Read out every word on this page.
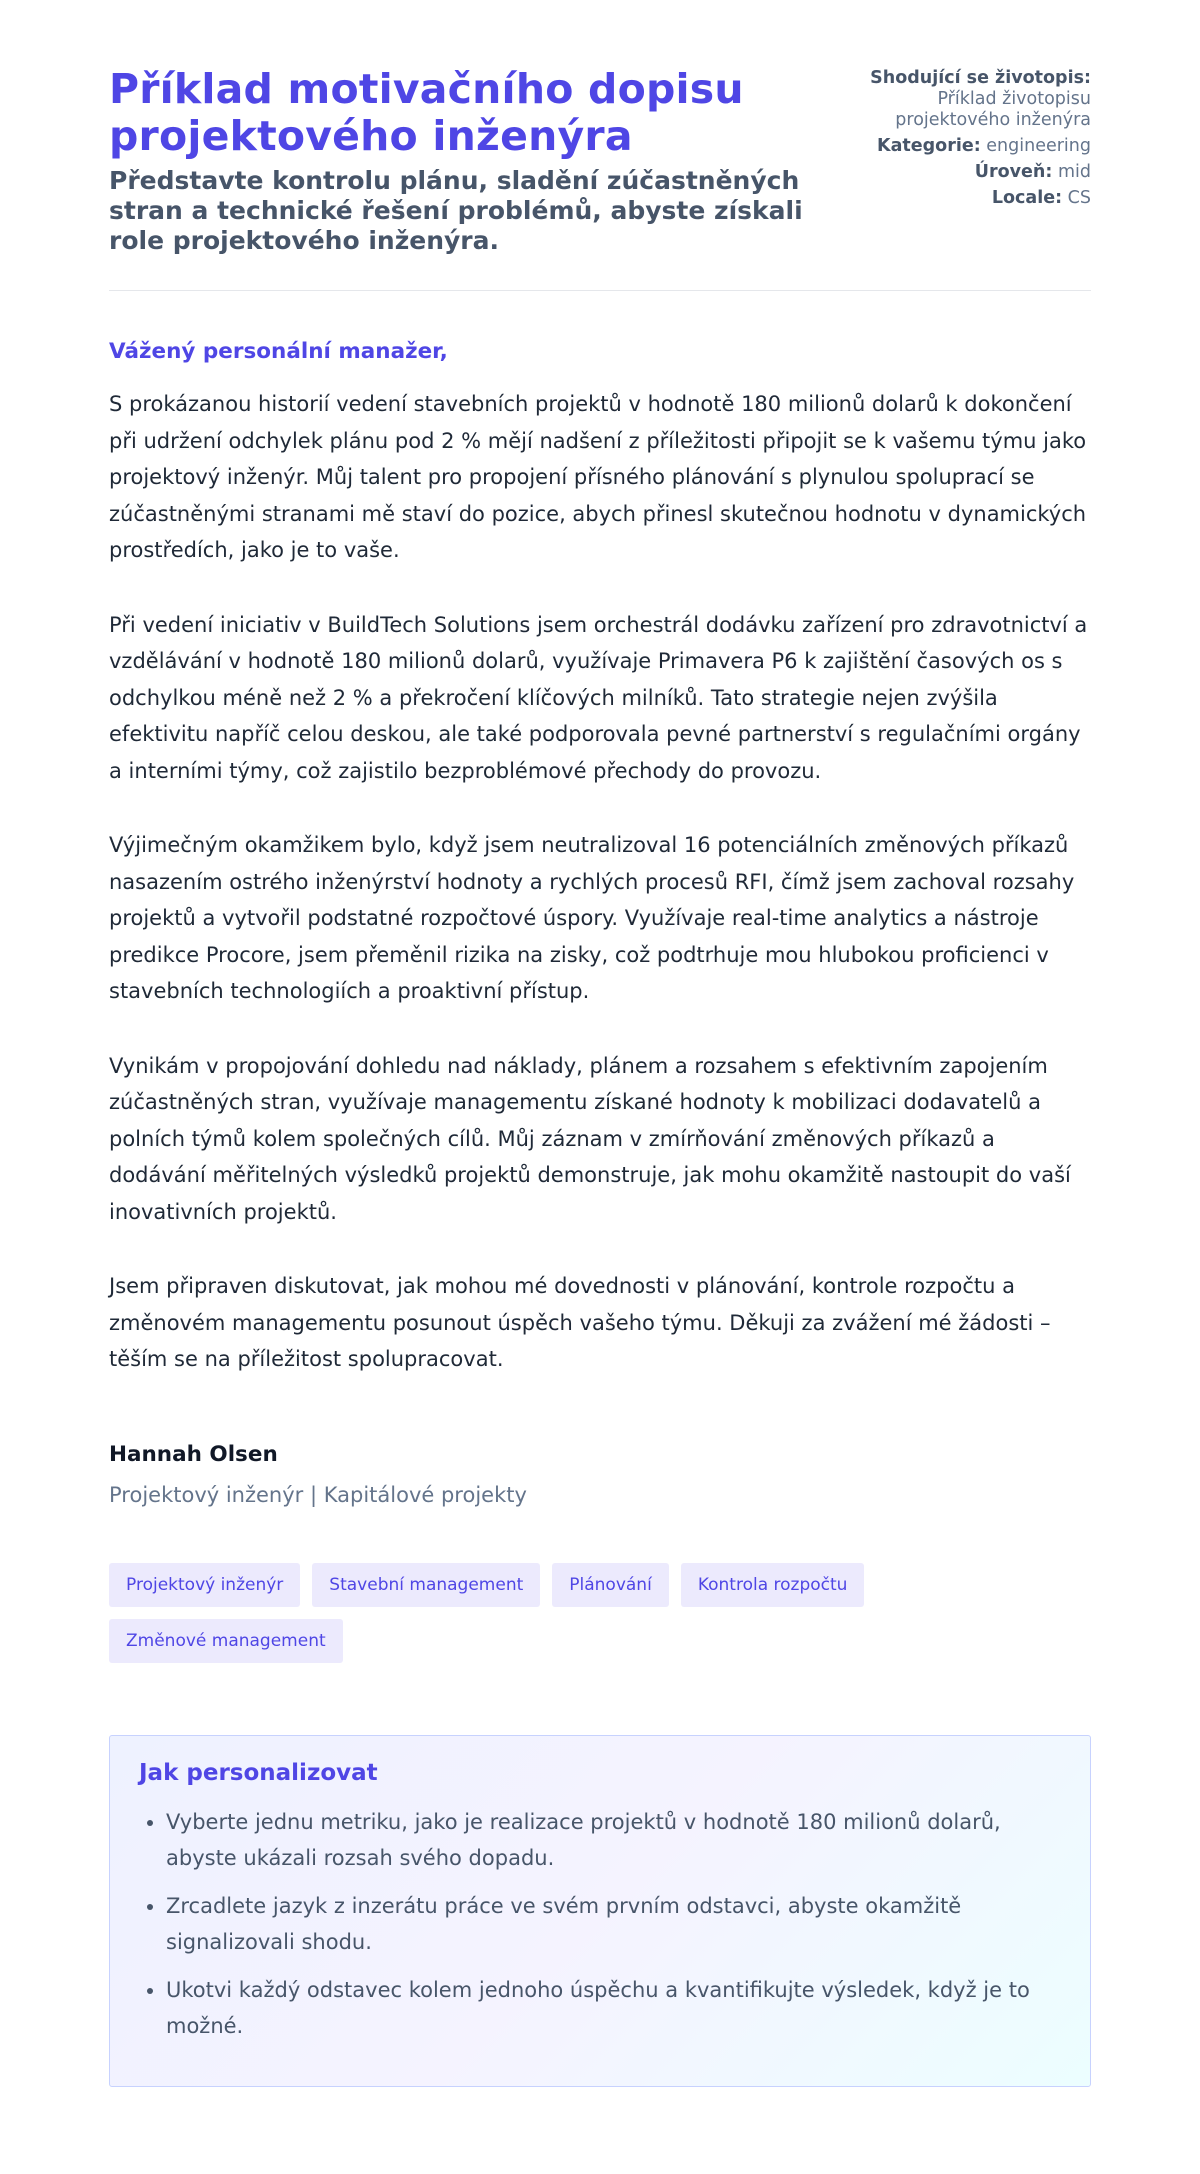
Příklad motivačního dopisu projektového inženýra
Představte kontrolu plánu, sladění zúčastněných stran a technické řešení problémů, abyste získali role projektového inženýra.
Shodující se životopis:
Příklad životopisu projektového inženýra
Kategorie: engineering
Úroveň: mid
Locale: CS

Vážený personální manažer,

S prokázanou historií vedení stavebních projektů v hodnotě 180 milionů dolarů k dokončení při udržení odchylek plánu pod 2 % mějí nadšení z příležitosti připojit se k vašemu týmu jako projektový inženýr. Můj talent pro propojení přísného plánování s plynulou spoluprací se zúčastněnými stranami mě staví do pozice, abych přinesl skutečnou hodnotu v dynamických prostředích, jako je to vaše.

Při vedení iniciativ v BuildTech Solutions jsem orchestrál dodávku zařízení pro zdravotnictví a vzdělávání v hodnotě 180 milionů dolarů, využívaje Primavera P6 k zajištění časových os s odchylkou méně než 2 % a překročení klíčových milníků. Tato strategie nejen zvýšila efektivitu napříč celou deskou, ale také podporovala pevné partnerství s regulačními orgány a interními týmy, což zajistilo bezproblémové přechody do provozu.

Výjimečným okamžikem bylo, když jsem neutralizoval 16 potenciálních změnových příkazů nasazením ostrého inženýrství hodnoty a rychlých procesů RFI, čímž jsem zachoval rozsahy projektů a vytvořil podstatné rozpočtové úspory. Využívaje real-time analytics a nástroje predikce Procore, jsem přeměnil rizika na zisky, což podtrhuje mou hlubokou proficienci v stavebních technologiích a proaktivní přístup.

Vynikám v propojování dohledu nad náklady, plánem a rozsahem s efektivním zapojením zúčastněných stran, využívaje managementu získané hodnoty k mobilizaci dodavatelů a polních týmů kolem společných cílů. Můj záznam v zmírňování změnových příkazů a dodávání měřitelných výsledků projektů demonstruje, jak mohu okamžitě nastoupit do vaší inovativních projektů.

Jsem připraven diskutovat, jak mohou mé dovednosti v plánování, kontrole rozpočtu a změnovém managementu posunout úspěch vašeho týmu. Děkuji za zvážení mé žádosti – těším se na příležitost spolupracovat.

Hannah Olsen

Projektový inženýr | Kapitálové projekty

Projektový inženýr	Stavební management	Plánování	Kontrola rozpočtu
Změnové management
Jak personalizovat
• Vyberte jednu metriku, jako je realizace projektů v hodnotě 180 milionů dolarů, abyste ukázali rozsah svého dopadu.
• Zrcadlete jazyk z inzerátu práce ve svém prvním odstavci, abyste okamžitě signalizovali shodu.
• Ukotvi každý odstavec kolem jednoho úspěchu a kvantifikujte výsledek, když je to možné.
